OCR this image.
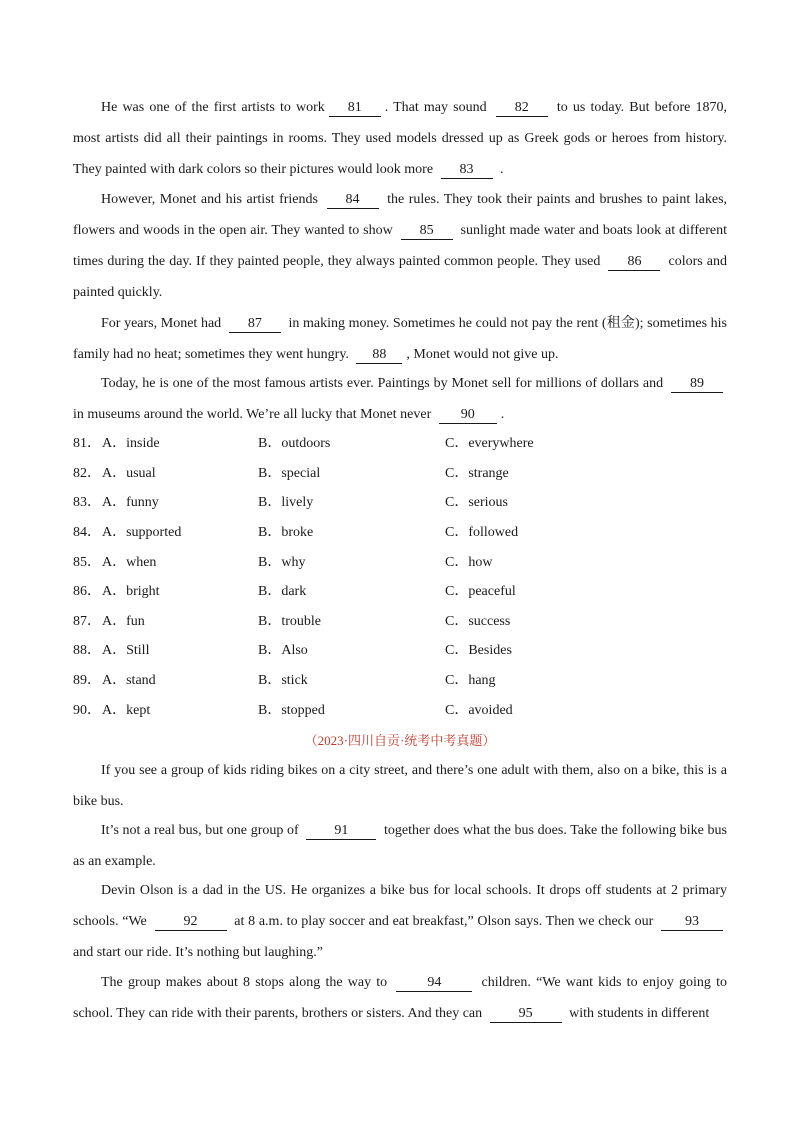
He was one of the first artists to work 81 . That may sound 82 to us today. But before 1870, most artists did all their paintings in rooms. They used models dressed up as Greek gods or heroes from history. They painted with dark colors so their pictures would look more 83 .

However, Monet and his artist friends 84 the rules. They took their paints and brushes to paint lakes, flowers and woods in the open air. They wanted to show 85 sunlight made water and boats look at different times during the day. If they painted people, they always painted common people. They used 86 colors and painted quickly.

For years, Monet had 87 in making money. Sometimes he could not pay the rent (租金); sometimes his family had no heat; sometimes they went hungry. 88 , Monet would not give up.

Today, he is one of the most famous artists ever. Paintings by Monet sell for millions of dollars and 89 in museums around the world. We’re all lucky that Monet never 90 .

81． A．inside	B．outdoors	C．everywhere
82． A．usual	B．special	C．strange
83． A．funny	B．lively	C．serious
84． A．supported	B．broke	C．followed
85． A．when	B．why	C．how
86． A．bright	B．dark	C．peaceful
87． A．fun	B．trouble	C．success
88． A．Still	B．Also	C．Besides
89． A．stand	B．stick	C．hang
90． A．kept	B．stopped	C．avoided
（2023·四川自贡·统考中考真题）

If you see a group of kids riding bikes on a city street, and there’s one adult with them, also on a bike, this is a bike bus.

It’s not a real bus, but one group of	91	together does what the bus does. Take the following bike bus as an example.

Devin Olson is a dad in the US. He organizes a bike bus for local schools. It drops off students at 2 primary schools. “We	92	at 8 a.m. to play soccer and eat breakfast,” Olson says. Then we check our 93 and start our ride. It’s nothing but laughing.”

The group makes about 8 stops along the way to	94	children. “We want kids to enjoy going to school. They can ride with their parents, brothers or sisters. And they can	95	with students in different
